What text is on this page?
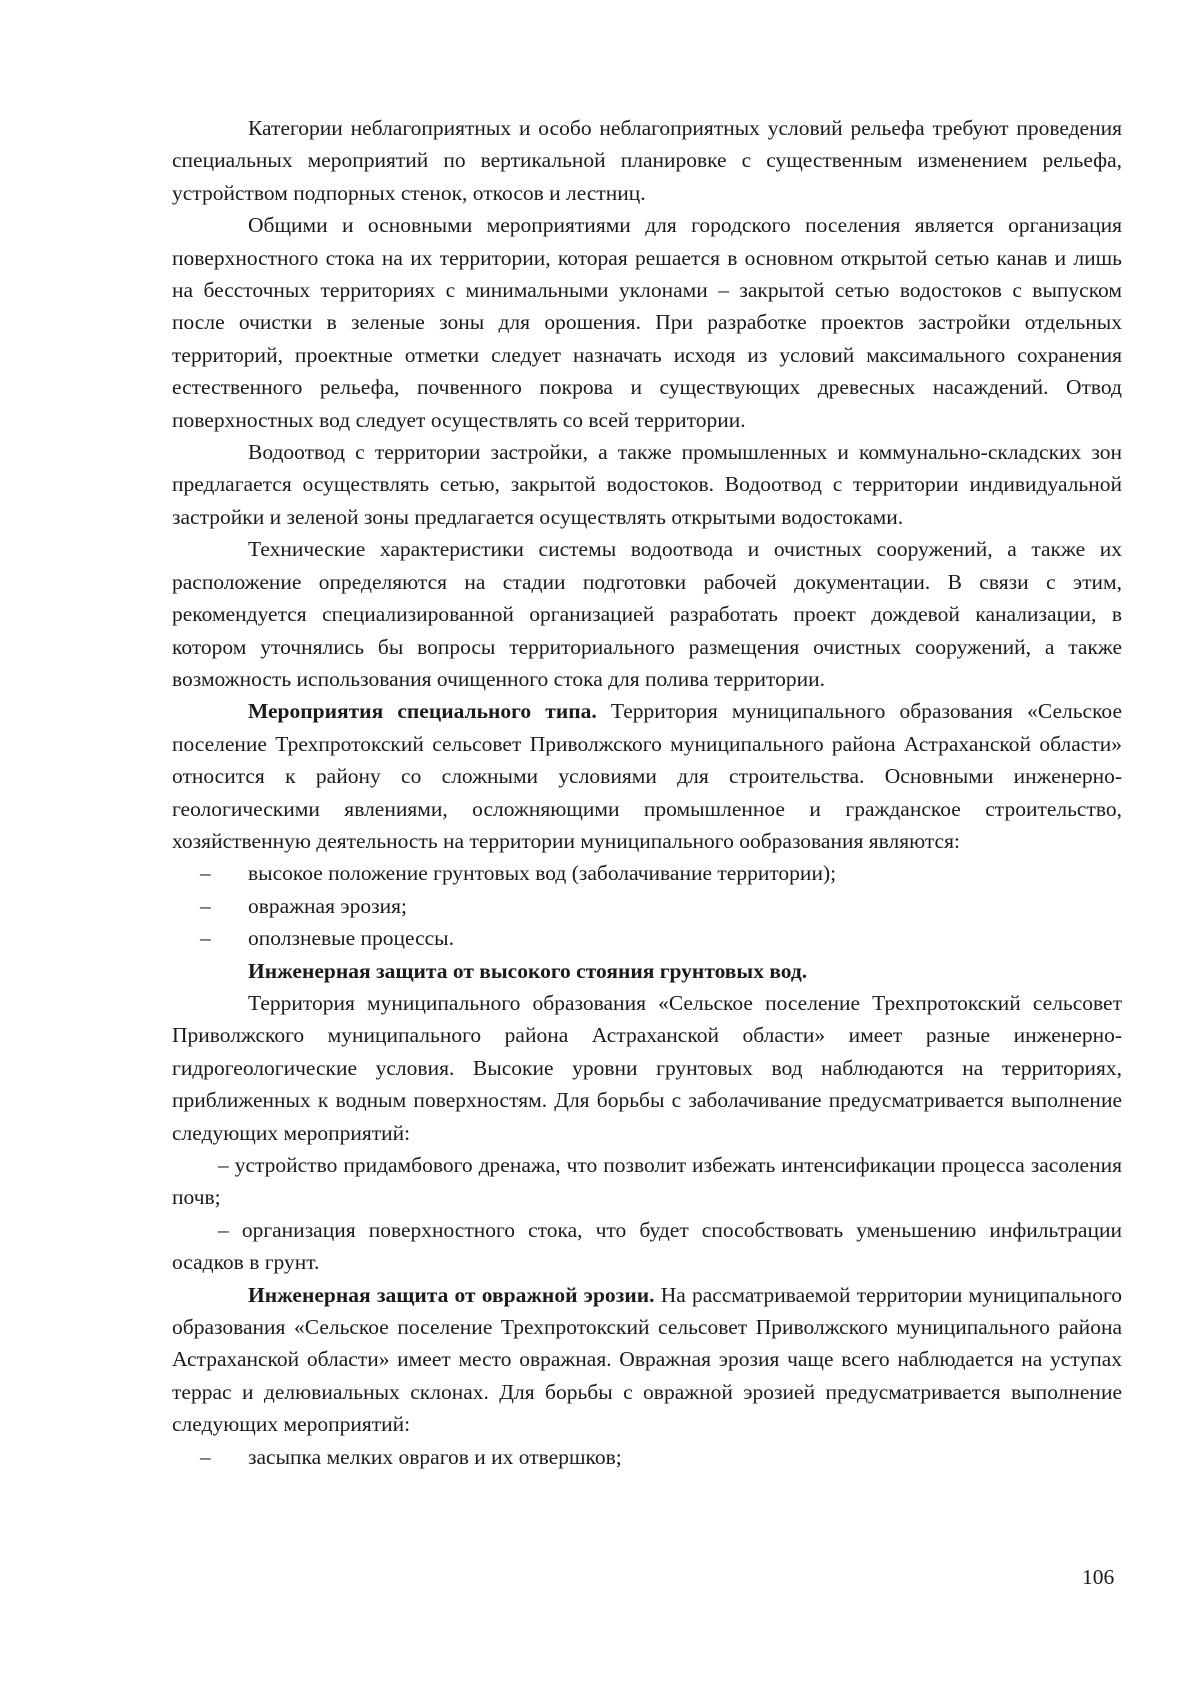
Категории неблагоприятных и особо неблагоприятных условий рельефа требуют проведения специальных мероприятий по вертикальной планировке с существенным изменением рельефа, устройством подпорных стенок, откосов и лестниц.

Общими и основными мероприятиями для городского поселения является организация поверхностного стока на их территории, которая решается в основном открытой сетью канав и лишь на бессточных территориях с минимальными уклонами – закрытой сетью водостоков с выпуском после очистки в зеленые зоны для орошения. При разработке проектов застройки отдельных территорий, проектные отметки следует назначать исходя из условий максимального сохранения естественного рельефа, почвенного покрова и существующих древесных насаждений. Отвод поверхностных вод следует осуществлять со всей территории.

Водоотвод с территории застройки, а также промышленных и коммунально-складских зон предлагается осуществлять сетью, закрытой водостоков. Водоотвод с территории индивидуальной застройки и зеленой зоны предлагается осуществлять открытыми водостоками.

Технические характеристики системы водоотвода и очистных сооружений, а также их расположение определяются на стадии подготовки рабочей документации. В связи с этим, рекомендуется специализированной организацией разработать проект дождевой канализации, в котором уточнялись бы вопросы территориального размещения очистных сооружений, а также возможность использования очищенного стока для полива территории.

Мероприятия специального типа. Территория муниципального образования «Сельское поселение Трехпротокский сельсовет Приволжского муниципального района Астраханской области» относится к району со сложными условиями для строительства. Основными инженерно-геологическими явлениями, осложняющими промышленное и гражданское строительство, хозяйственную деятельность на территории муниципального ообразования являются:

– высокое положение грунтовых вод (заболачивание территории);

– овражная эрозия;

– оползневые процессы.

Инженерная защита от высокого стояния грунтовых вод.

Территория муниципального образования «Сельское поселение Трехпротокский сельсовет Приволжского муниципального района Астраханской области» имеет разные инженерно-гидрогеологические условия. Высокие уровни грунтовых вод наблюдаются на территориях, приближенных к водным поверхностям. Для борьбы с заболачивание предусматривается выполнение следующих мероприятий:

– устройство придамбового дренажа, что позволит избежать интенсификации процесса засоления почв;

– организация поверхностного стока, что будет способствовать уменьшению инфильтрации осадков в грунт.

Инженерная защита от овражной эрозии. На рассматриваемой территории муниципального образования «Сельское поселение Трехпротокский сельсовет Приволжского муниципального района Астраханской области» имеет место овражная. Овражная эрозия чаще всего наблюдается на уступах террас и делювиальных склонах. Для борьбы с овражной эрозией предусматривается выполнение следующих мероприятий:

– засыпка мелких оврагов и их отвершков;

106
